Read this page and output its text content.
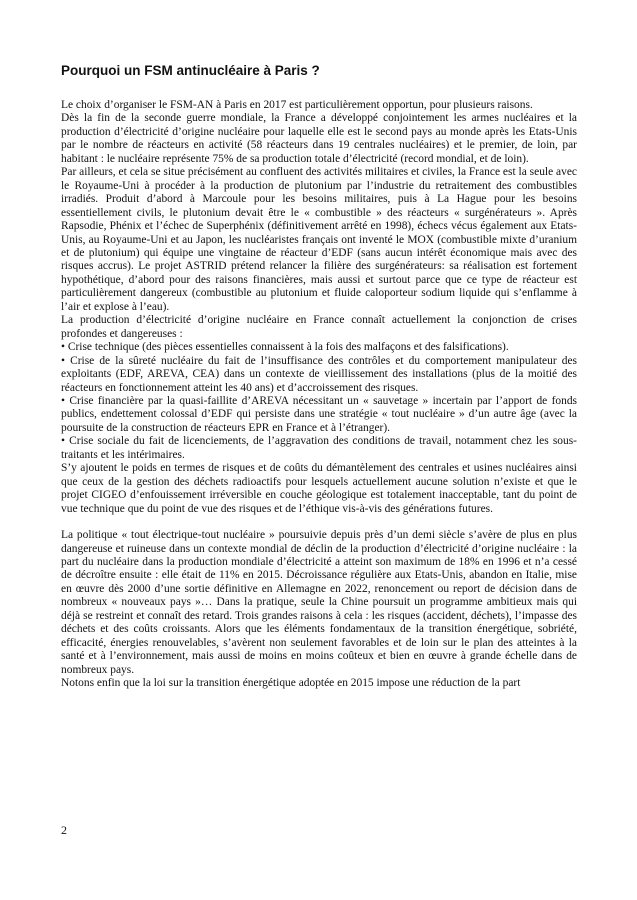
Pourquoi un FSM antinucléaire à Paris ?

Le choix d’organiser le FSM-AN à Paris en 2017 est particulièrement opportun, pour plusieurs raisons.

Dès la fin de la seconde guerre mondiale, la France a développé conjointement les armes nucléaires et la production d’électricité d’origine nucléaire pour laquelle elle est le second pays au monde après les Etats-Unis par le nombre de réacteurs en activité (58 réacteurs dans 19 centrales nucléaires) et le premier, de loin, par habitant : le nucléaire représente 75% de sa production totale d’électricité (record mondial, et de loin).

Par ailleurs, et cela se situe précisément au confluent des activités militaires et civiles, la France est la seule avec le Royaume-Uni à procéder à la production de plutonium par l’industrie du retraitement des combustibles irradiés. Produit d’abord à Marcoule pour les besoins militaires, puis à La Hague pour les besoins essentiellement civils, le plutonium devait être le « combustible » des réacteurs « surgénérateurs ». Après Rapsodie, Phénix et l’échec de Superphénix (définitivement arrêté en 1998), échecs vécus également aux Etats-Unis, au Royaume-Uni et au Japon, les nucléaristes français ont inventé le MOX (combustible mixte d’uranium et de plutonium) qui équipe une vingtaine de réacteur d’EDF (sans aucun intérêt économique mais avec des risques accrus). Le projet ASTRID prétend relancer la filière des surgénérateurs: sa réalisation est fortement hypothétique, d’abord pour des raisons financières, mais aussi et surtout parce que ce type de réacteur est particulièrement dangereux (combustible au plutonium et fluide caloporteur sodium liquide qui s’enflamme à l’air et explose à l’eau).

La production d’électricité d’origine nucléaire en France connaît actuellement la conjonction de crises profondes et dangereuses :

• Crise technique (des pièces essentielles connaissent à la fois des malfaçons et des falsifications).

• Crise de la sûreté nucléaire du fait de l’insuffisance des contrôles et du comportement manipulateur des exploitants (EDF, AREVA, CEA) dans un contexte de vieillissement des installations (plus de la moitié des réacteurs en fonctionnement atteint les 40 ans) et d’accroissement des risques.

• Crise financière par la quasi-faillite d’AREVA nécessitant un « sauvetage » incertain par l’apport de fonds publics, endettement colossal d’EDF qui persiste dans une stratégie « tout nucléaire » d’un autre âge (avec la poursuite de la construction de réacteurs EPR en France et à l’étranger).

• Crise sociale du fait de licenciements, de l’aggravation des conditions de travail, notamment chez les sous-traitants et les intérimaires.

S’y ajoutent le poids en termes de risques et de coûts du démantèlement des centrales et usines nucléaires ainsi que ceux de la gestion des déchets radioactifs pour lesquels actuellement aucune solution n’existe et que le projet CIGEO d’enfouissement irréversible en couche géologique est totalement inacceptable, tant du point de vue technique que du point de vue des risques et de l’éthique vis-à-vis des générations futures.

La politique « tout électrique-tout nucléaire » poursuivie depuis près d’un demi siècle s’avère de plus en plus dangereuse et ruineuse dans un contexte mondial de déclin de la production d’électricité d’origine nucléaire : la part du nucléaire dans la production mondiale d’électricité a atteint son maximum de 18% en 1996 et n’a cessé de décroître ensuite : elle était de 11% en 2015. Décroissance régulière aux Etats-Unis, abandon en Italie, mise en œuvre dès 2000 d’une sortie définitive en Allemagne en 2022, renoncement ou report de décision dans de nombreux « nouveaux pays »… Dans la pratique, seule la Chine poursuit un programme ambitieux mais qui déjà se restreint et connaît des retard. Trois grandes raisons à cela : les risques (accident, déchets), l’impasse des déchets et des coûts croissants. Alors que les éléments fondamentaux de la transition énergétique, sobriété, efficacité, énergies renouvelables, s’avèrent non seulement favorables et de loin sur le plan des atteintes à la santé et à l’environnement, mais aussi de moins en moins coûteux et bien en œuvre à grande échelle dans de nombreux pays.

Notons enfin que la loi sur la transition énergétique adoptée en 2015 impose une réduction de la part

2
